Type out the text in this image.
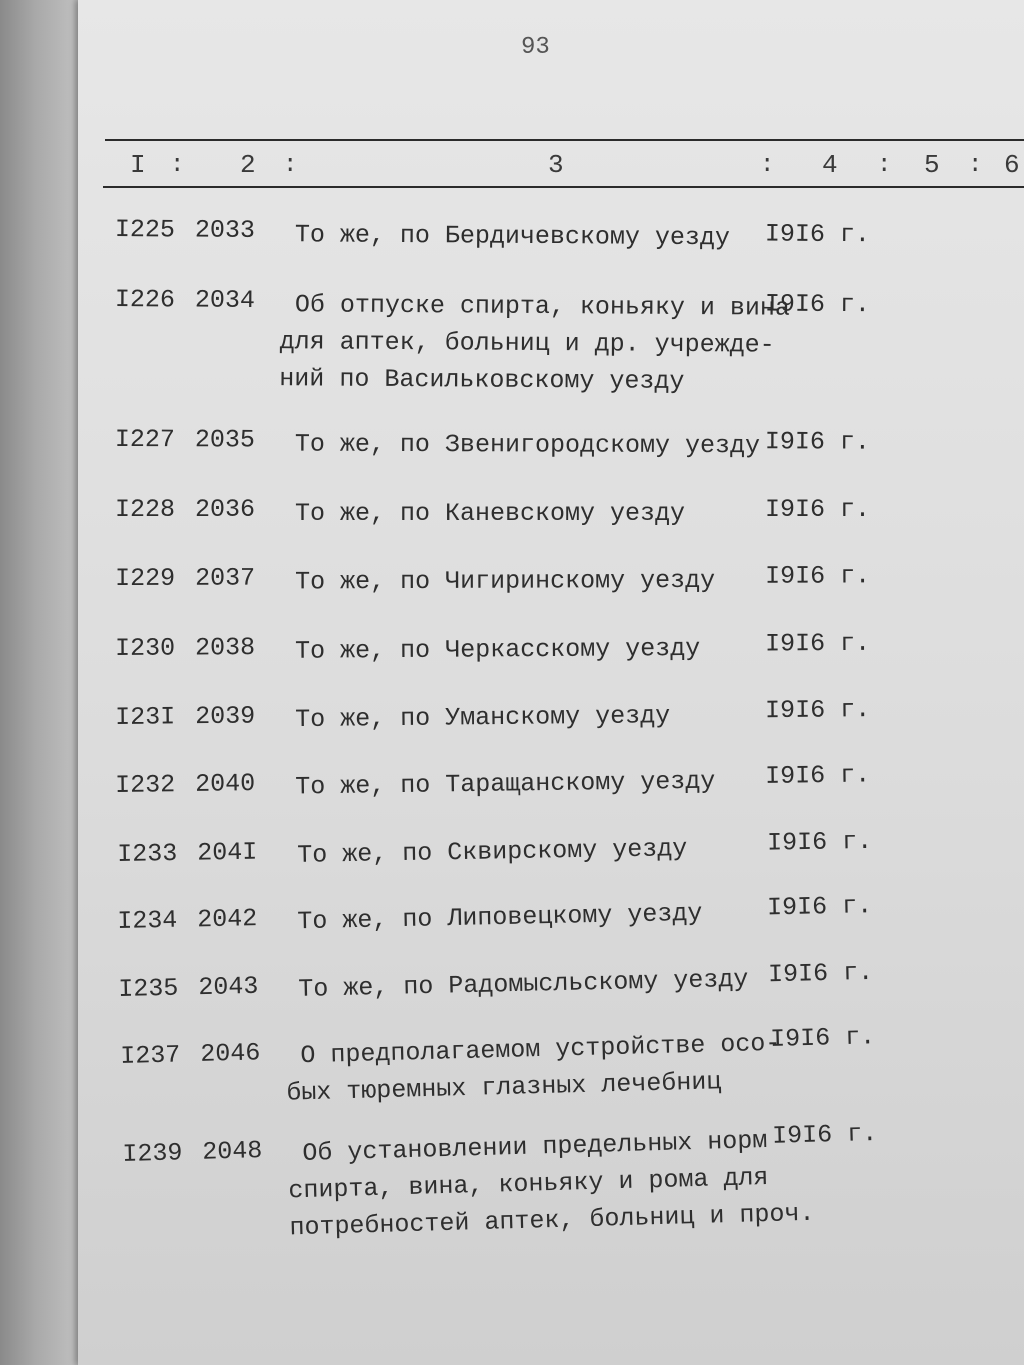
93
I : 2 :	3	: 4 : 5 : 6
I225 2033 То же, по Бердичевскому уезду I9I6 г.
I226 2034 Об отпуске спирта, коньяку и вина
для аптек, больниц и др. учрежде-
ний по Васильковскому уезду
I9I6 г.
I227 2035 То же, по Звенигородскому уезду I9I6 г.
I228 2036 То же, по Каневскому уезду	I9I6 г.
I229 2037 То же, по Чигиринскому уезду I9I6 г.
I230 2038 То же, по Черкасскому уезду	I9I6 г.
I23I 2039 То же, по Уманскому уезду	I9I6 г.
I232 2040 То же, по Таращанскому уезду I9I6 г.
I233 204I То же, по Сквирскому уезду	I9I6 г.
I234 2042 То же, по Липовецкому уезду	I9I6 г.
I235 2043 То же, по Радомысльскому уезду I9I6 г.
I237 2046 О предполагаемом устройстве осо-
бых тюремных глазных лечебниц
I9I6 г.
I239 2048 Об установлении предельных норм
спирта, вина, коньяку и рома для
потребностей аптек, больниц и проч.
I9I6 г.
